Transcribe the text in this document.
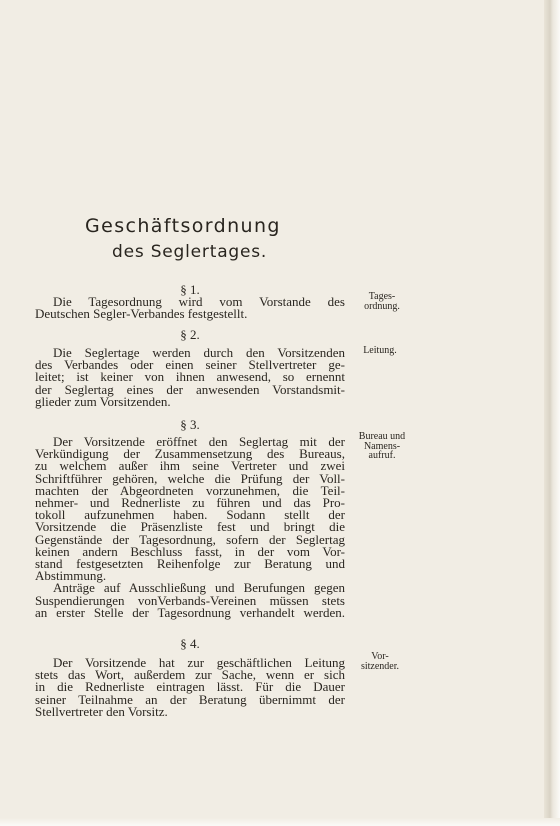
Geschäftsordnung
des Seglertages.
§ 1.
Die Tagesordnung wird vom Vorstande des
Deutschen Segler-Verbandes festgestellt.
Tages-
ordnung.
§ 2.
Die Seglertage werden durch den Vorsitzenden
des Verbandes oder einen seiner Stellvertreter ge-
leitet; ist keiner von ihnen anwesend, so ernennt
der Seglertag eines der anwesenden Vorstandsmit-
glieder zum Vorsitzenden.
Leitung.
§ 3.
Der Vorsitzende eröffnet den Seglertag mit der
Verkündigung der Zusammensetzung des Bureaus,
zu welchem außer ihm seine Vertreter und zwei
Schriftführer gehören, welche die Prüfung der Voll-
machten der Abgeordneten vorzunehmen, die Teil-
nehmer- und Rednerliste zu führen und das Pro-
tokoll aufzunehmen haben. Sodann stellt der
Vorsitzende die Präsenzliste fest und bringt die
Gegenstände der Tagesordnung, sofern der Seglertag
keinen andern Beschluss fasst, in der vom Vor-
stand festgesetzten Reihenfolge zur Beratung und
Abstimmung.
Anträge auf Ausschließung und Berufungen gegen
Suspendierungen vonVerbands-Vereinen müssen stets
an erster Stelle der Tagesordnung verhandelt werden.
Bureau und
Namens-
aufruf.
§ 4.
Der Vorsitzende hat zur geschäftlichen Leitung
stets das Wort, außerdem zur Sache, wenn er sich
in die Rednerliste eintragen lässt. Für die Dauer
seiner Teilnahme an der Beratung übernimmt der
Stellvertreter den Vorsitz.
Vor-
sitzender.
